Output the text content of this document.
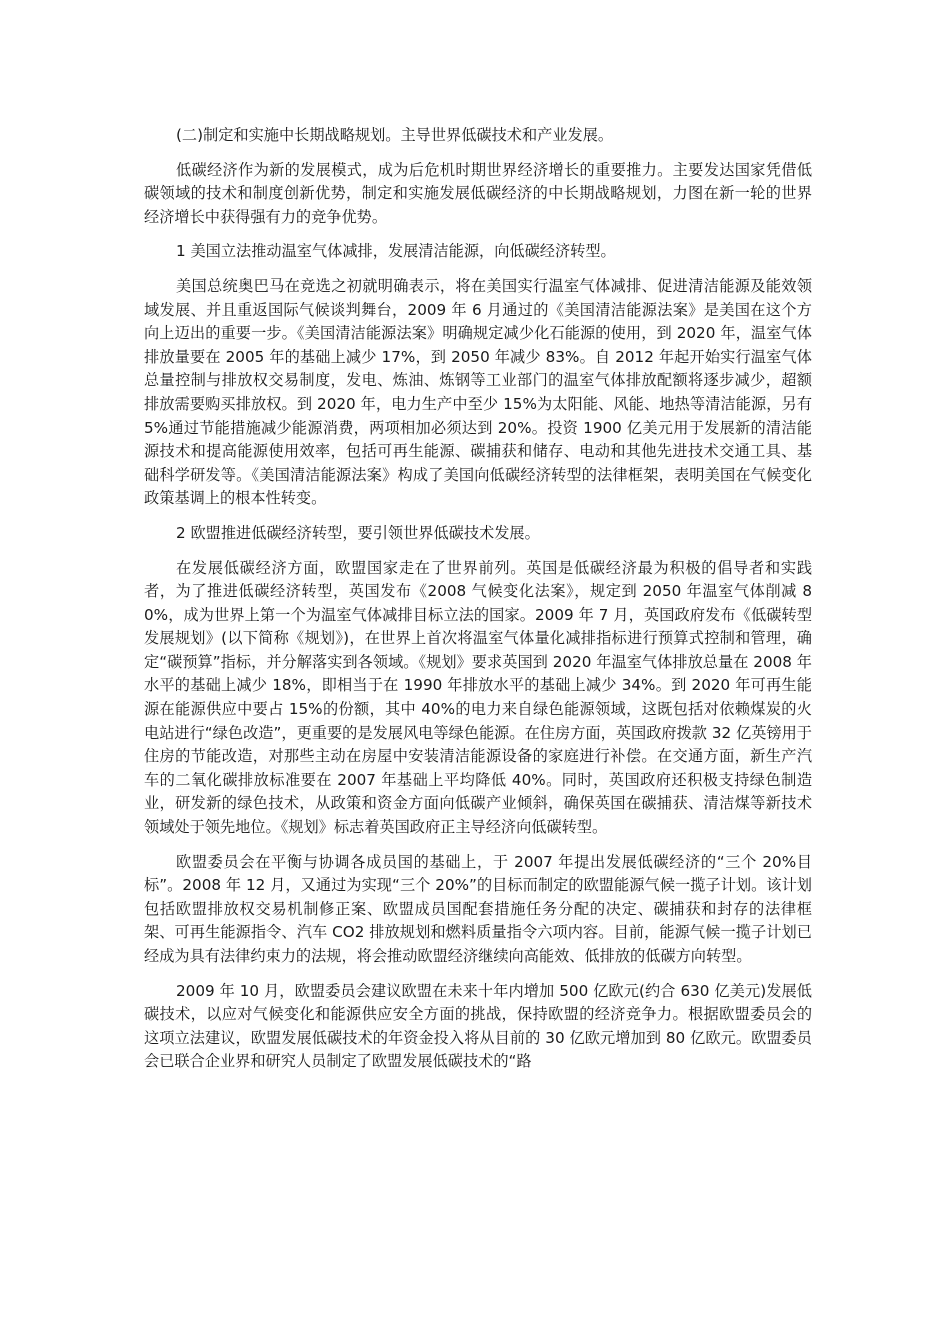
(二)制定和实施中长期战略规划。主导世界低碳技术和产业发展。

低碳经济作为新的发展模式，成为后危机时期世界经济增长的重要推力。主要发达国家凭借低碳领域的技术和制度创新优势，制定和实施发展低碳经济的中长期战略规划，力图在新一轮的世界经济增长中获得强有力的竞争优势。

1 美国立法推动温室气体减排，发展清洁能源，向低碳经济转型。

美国总统奥巴马在竞选之初就明确表示，将在美国实行温室气体减排、促进清洁能源及能效领域发展、并且重返国际气候谈判舞台，2009 年 6 月通过的《美国清洁能源法案》是美国在这个方向上迈出的重要一步。《美国清洁能源法案》明确规定减少化石能源的使用，到 2020 年，温室气体排放量要在 2005 年的基础上减少 17%，到 2050 年减少 83%。自 2012 年起开始实行温室气体总量控制与排放权交易制度，发电、炼油、炼钢等工业部门的温室气体排放配额将逐步减少，超额排放需要购买排放权。到 2020 年，电力生产中至少 15%为太阳能、风能、地热等清洁能源，另有 5%通过节能措施减少能源消费，两项相加必须达到 20%。投资 1900 亿美元用于发展新的清洁能源技术和提高能源使用效率，包括可再生能源、碳捕获和储存、电动和其他先进技术交通工具、基础科学研发等。《美国清洁能源法案》构成了美国向低碳经济转型的法律框架，表明美国在气候变化政策基调上的根本性转变。

2 欧盟推进低碳经济转型，要引领世界低碳技术发展。

在发展低碳经济方面，欧盟国家走在了世界前列。英国是低碳经济最为积极的倡导者和实践者，为了推进低碳经济转型，英国发布《2008 气候变化法案》，规定到 2050 年温室气体削减 80%，成为世界上第一个为温室气体减排目标立法的国家。2009 年 7 月，英国政府发布《低碳转型发展规划》(以下简称《规划》)，在世界上首次将温室气体量化减排指标进行预算式控制和管理，确定“碳预算”指标，并分解落实到各领域。《规划》要求英国到 2020 年温室气体排放总量在 2008 年水平的基础上减少 18%，即相当于在 1990 年排放水平的基础上减少 34%。到 2020 年可再生能源在能源供应中要占 15%的份额，其中 40%的电力来自绿色能源领域，这既包括对依赖煤炭的火电站进行“绿色改造”，更重要的是发展风电等绿色能源。在住房方面，英国政府拨款 32 亿英镑用于住房的节能改造，对那些主动在房屋中安装清洁能源设备的家庭进行补偿。在交通方面，新生产汽车的二氧化碳排放标准要在 2007 年基础上平均降低 40%。同时，英国政府还积极支持绿色制造业，研发新的绿色技术，从政策和资金方面向低碳产业倾斜，确保英国在碳捕获、清洁煤等新技术领域处于领先地位。《规划》标志着英国政府正主导经济向低碳转型。

欧盟委员会在平衡与协调各成员国的基础上，于 2007 年提出发展低碳经济的“三个 20%目标”。2008 年 12 月，又通过为实现“三个 20%”的目标而制定的欧盟能源气候一揽子计划。该计划包括欧盟排放权交易机制修正案、欧盟成员国配套措施任务分配的决定、碳捕获和封存的法律框架、可再生能源指令、汽车 CO2 排放规划和燃料质量指令六项内容。目前，能源气候一揽子计划已经成为具有法律约束力的法规，将会推动欧盟经济继续向高能效、低排放的低碳方向转型。

2009 年 10 月，欧盟委员会建议欧盟在未来十年内增加 500 亿欧元(约合 630 亿美元)发展低碳技术，以应对气候变化和能源供应安全方面的挑战，保持欧盟的经济竞争力。根据欧盟委员会的这项立法建议，欧盟发展低碳技术的年资金投入将从目前的 30 亿欧元增加到 80 亿欧元。欧盟委员会已联合企业界和研究人员制定了欧盟发展低碳技术的“路
